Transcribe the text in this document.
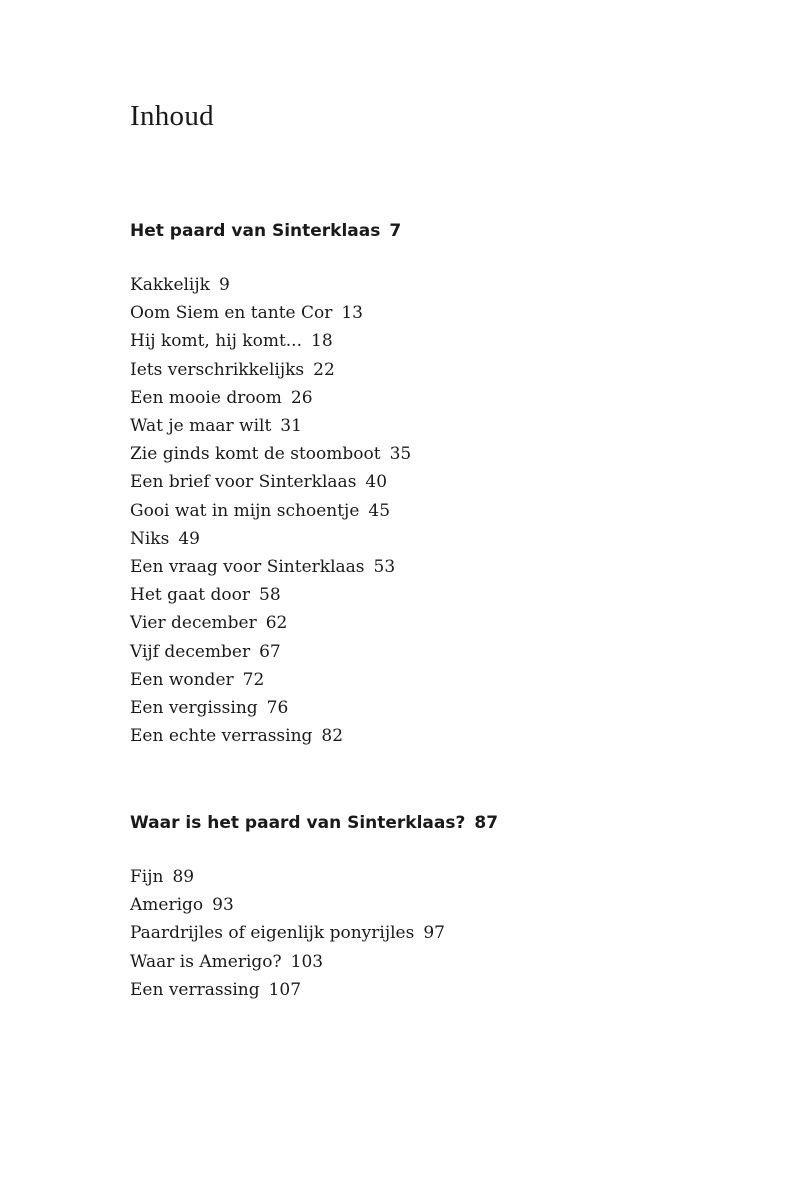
Inhoud
Het paard van Sinterklaas 7
Kakkelijk 9
Oom Siem en tante Cor 13
Hij komt, hij komt... 18
Iets verschrikkelijks 22
Een mooie droom 26
Wat je maar wilt 31
Zie ginds komt de stoomboot 35
Een brief voor Sinterklaas 40
Gooi wat in mijn schoentje 45
Niks 49
Een vraag voor Sinterklaas 53
Het gaat door 58
Vier december 62
Vijf december 67
Een wonder 72
Een vergissing 76
Een echte verrassing 82
Waar is het paard van Sinterklaas? 87
Fijn 89
Amerigo 93
Paardrijles of eigenlijk ponyrijles 97
Waar is Amerigo? 103
Een verrassing 107
